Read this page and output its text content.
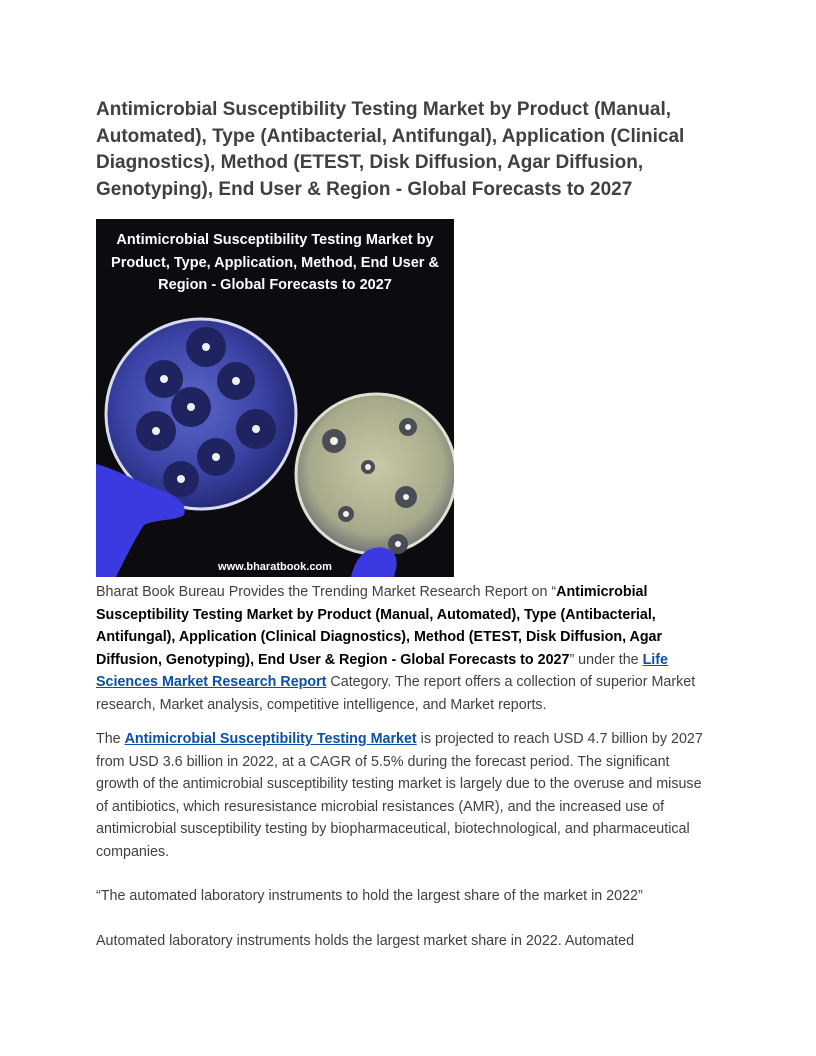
Antimicrobial Susceptibility Testing Market by Product (Manual, Automated), Type (Antibacterial, Antifungal), Application (Clinical Diagnostics), Method (ETEST, Disk Diffusion, Agar Diffusion, Genotyping), End User & Region - Global Forecasts to 2027

Antimicrobial Susceptibility Testing Market by Product, Type, Application, Method, End User & Region - Global Forecasts to 2027

www.bharatbook.com

Bharat Book Bureau Provides the Trending Market Research Report on “Antimicrobial Susceptibility Testing Market by Product (Manual, Automated), Type (Antibacterial, Antifungal), Application (Clinical Diagnostics), Method (ETEST, Disk Diffusion, Agar Diffusion, Genotyping), End User & Region - Global Forecasts to 2027” under the Life Sciences Market Research Report Category. The report offers a collection of superior Market research, Market analysis, competitive intelligence, and Market reports.

The Antimicrobial Susceptibility Testing Market is projected to reach USD 4.7 billion by 2027 from USD 3.6 billion in 2022, at a CAGR of 5.5% during the forecast period. The significant growth of the antimicrobial susceptibility testing market is largely due to the overuse and misuse of antibiotics, which resuresistance microbial resistances (AMR), and the increased use of antimicrobial susceptibility testing by biopharmaceutical, biotechnological, and pharmaceutical companies.

“The automated laboratory instruments to hold the largest share of the market in 2022”

Automated laboratory instruments holds the largest market share in 2022. Automated
